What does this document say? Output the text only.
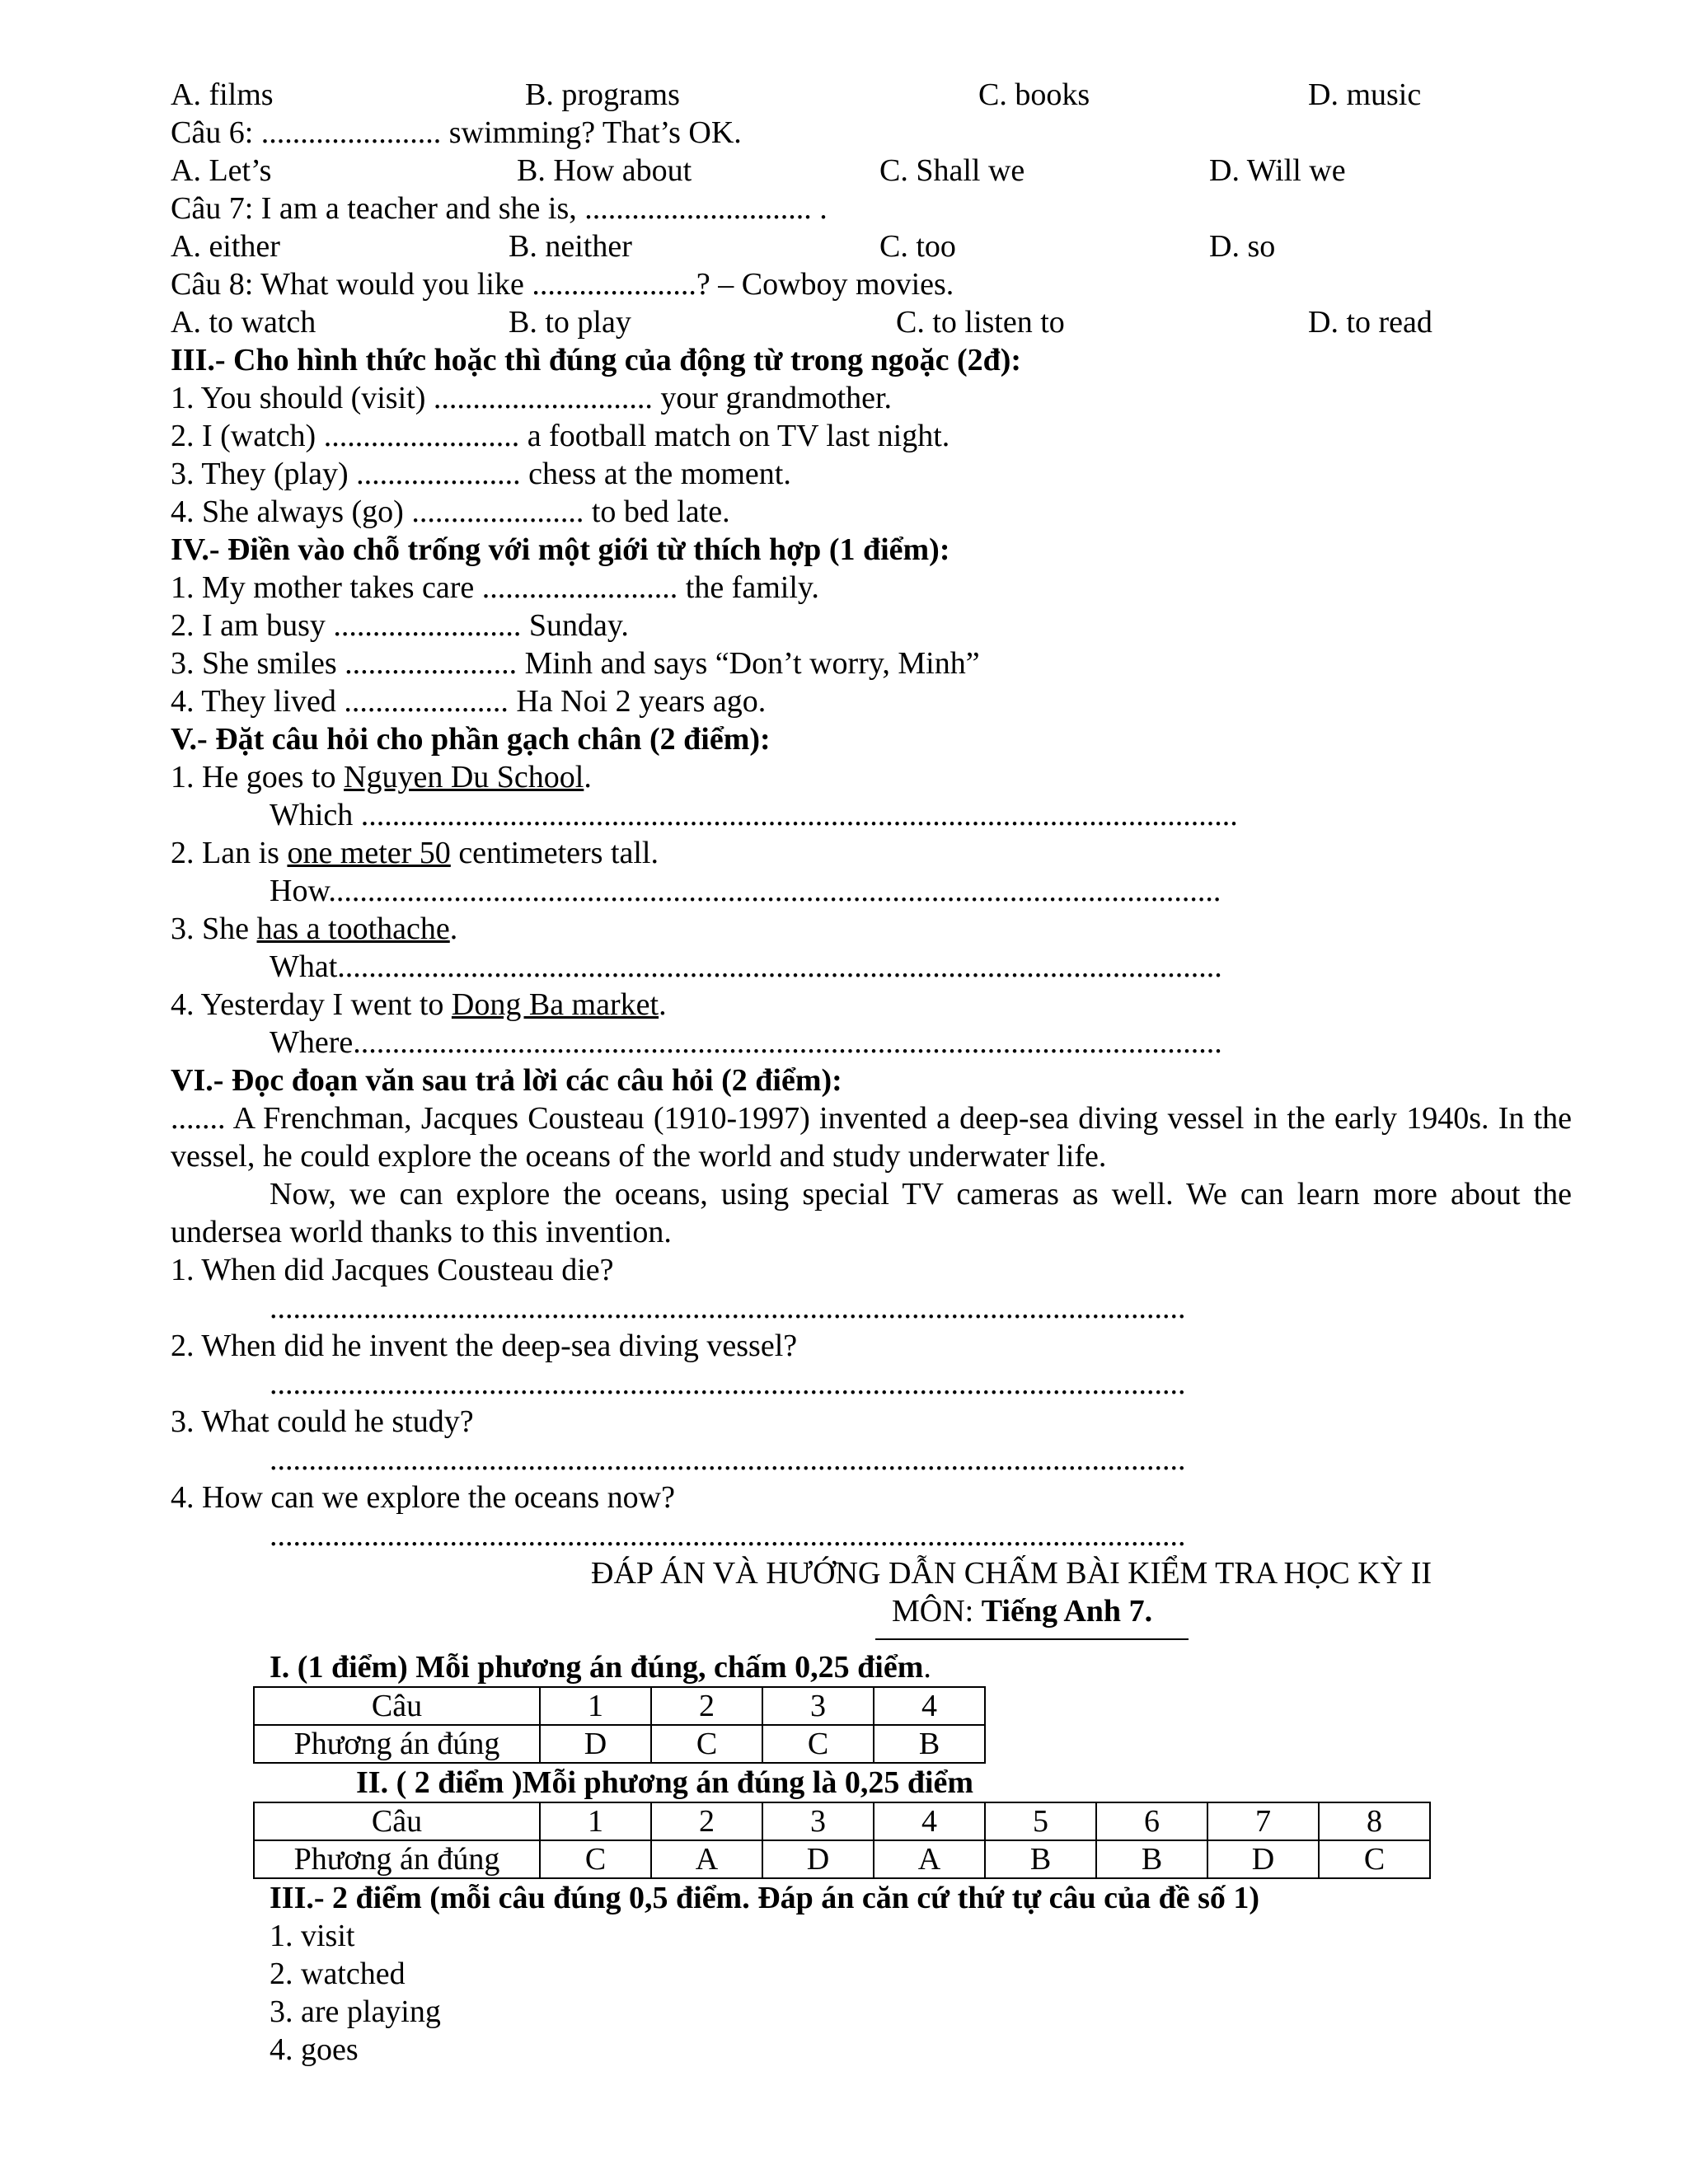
A. films	B. programs	C. books	D. music
Câu 6: ....................... swimming? That’s OK.
A. Let’s	B. How about	C. Shall we	D. Will we
Câu 7: I am a teacher and she is, ............................. .
A. either	B. neither	C. too	D. so
Câu 8: What would you like .....................? – Cowboy movies.
A. to watch	B. to play	C. to listen to	D. to read
III.- Cho hình thức hoặc thì đúng của động từ trong ngoặc (2đ):
1. You should (visit) ............................ your grandmother.
2. I (watch) ......................... a football match on TV last night.
3. They (play) ..................... chess at the moment.
4. She always (go) ...................... to bed late.
IV.- Điền vào chỗ trống với một giới từ thích hợp (1 điểm):
1. My mother takes care ......................... the family.
2. I am busy ........................ Sunday.
3. She smiles ...................... Minh and says “Don’t worry, Minh”
4. They lived ..................... Ha Noi 2 years ago.
V.- Đặt câu hỏi cho phần gạch chân (2 điểm):
1. He goes to Nguyen Du School.
Which ................................................................................................................
2. Lan is one meter 50 centimeters tall.
How..................................................................................................................
3. She has a toothache.
What.................................................................................................................
4. Yesterday I went to Dong Ba market.
Where...............................................................................................................
VI.- Đọc đoạn văn sau trả lời các câu hỏi (2 điểm):
....... A Frenchman, Jacques Cousteau (1910-1997) invented a deep-sea diving vessel in the early 1940s. In the vessel, he could explore the oceans of the world and study underwater life.
Now, we can explore the oceans, using special TV cameras as well. We can learn more about the undersea world thanks to this invention.
1. When did Jacques Cousteau die?
.....................................................................................................................
2. When did he invent the deep-sea diving vessel?
.....................................................................................................................
3. What could he study?
.....................................................................................................................
4. How can we explore the oceans now?
.....................................................................................................................
ĐÁP ÁN VÀ HƯỚNG DẪN CHẤM BÀI KIỂM TRA HỌC KỲ II
MÔN: Tiếng Anh 7.
I. (1 điểm) Mỗi phương án đúng, chấm 0,25 điểm.
Câu	1	2	3	4
Phương án đúng	D	C	C	B
II. ( 2 điểm )Mỗi phương án đúng là 0,25 điểm
Câu	1	2	3	4	5	6	7	8
Phương án đúng	C	A	D	A	B	B	D	C
III.- 2 điểm (mỗi câu đúng 0,5 điểm. Đáp án căn cứ thứ tự câu của đề số 1)
1. visit
2. watched
3. are playing
4. goes
